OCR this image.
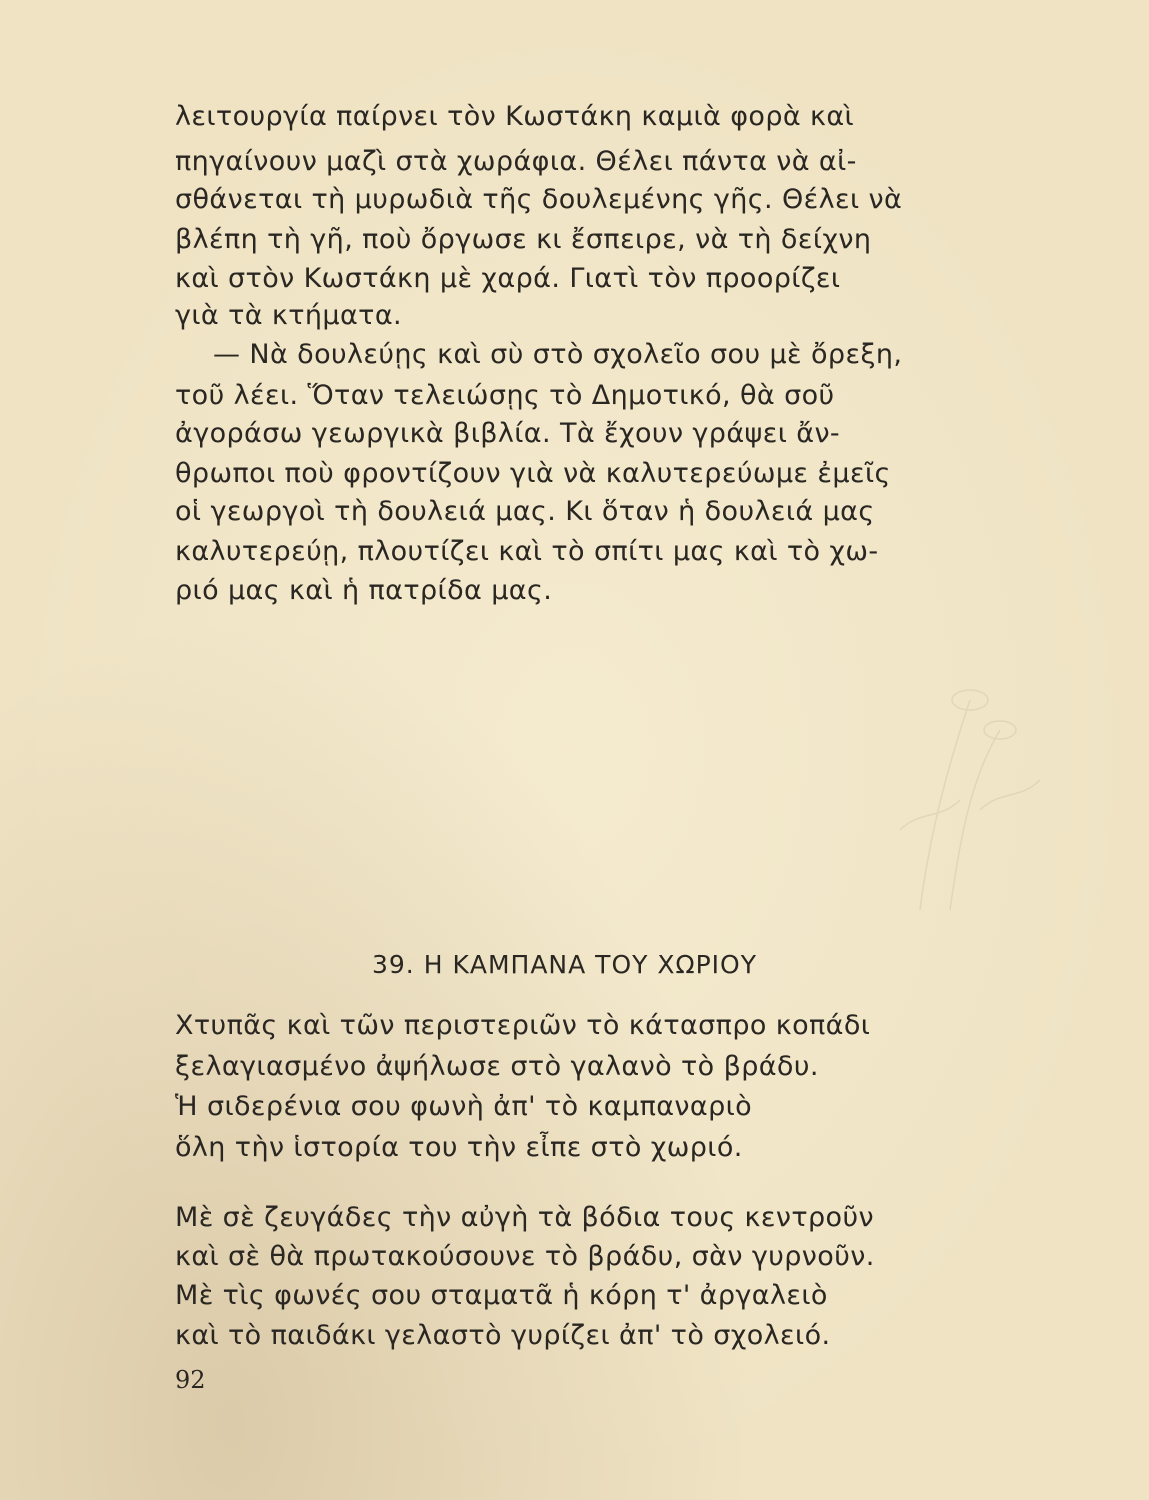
λειτουργία παίρνει τὸν Κωστάκη καμιὰ φορὰ καὶ
πηγαίνουν μαζὶ στὰ χωράφια. Θέλει πάντα νὰ αἰ-
σθάνεται τὴ μυρωδιὰ τῆς δουλεμένης γῆς. Θέλει νὰ
βλέπη τὴ γῆ, ποὺ ὄργωσε κι ἔσπειρε, νὰ τὴ δείχνη
καὶ στὸν Κωστάκη μὲ χαρά. Γιατὶ τὸν προορίζει
γιὰ τὰ κτήματα.
— Νὰ δουλεύῃς καὶ σὺ στὸ σχολεῖο σου μὲ ὄρεξη,
τοῦ λέει. Ὅταν τελειώσῃς τὸ Δημοτικό, θὰ σοῦ
ἀγοράσω γεωργικὰ βιβλία. Τὰ ἔχουν γράψει ἄν-
θρωποι ποὺ φροντίζουν γιὰ νὰ καλυτερεύωμε ἐμεῖς
οἱ γεωργοὶ τὴ δουλειά μας. Κι ὅταν ἡ δουλειά μας
καλυτερεύῃ, πλουτίζει καὶ τὸ σπίτι μας καὶ τὸ χω-
ριό μας καὶ ἡ πατρίδα μας.
39. Η ΚΑΜΠΑΝΑ ΤΟΥ ΧΩΡΙΟΥ
Χτυπᾶς καὶ τῶν περιστεριῶν τὸ κάτασπρο κοπάδι
ξελαγιασμένο ἀψήλωσε στὸ γαλανὸ τὸ βράδυ.
Ἡ σιδερένια σου φωνὴ ἀπ' τὸ καμπαναριὸ
ὅλη τὴν ἱστορία του τὴν εἶπε στὸ χωριό.
Μὲ σὲ ζευγάδες τὴν αὐγὴ τὰ βόδια τους κεντροῦν
καὶ σὲ θὰ πρωτακούσουνε τὸ βράδυ, σὰν γυρνοῦν.
Μὲ τὶς φωνές σου σταματᾶ ἡ κόρη τ' ἀργαλειὸ
καὶ τὸ παιδάκι γελαστὸ γυρίζει ἀπ' τὸ σχολειό.
92
